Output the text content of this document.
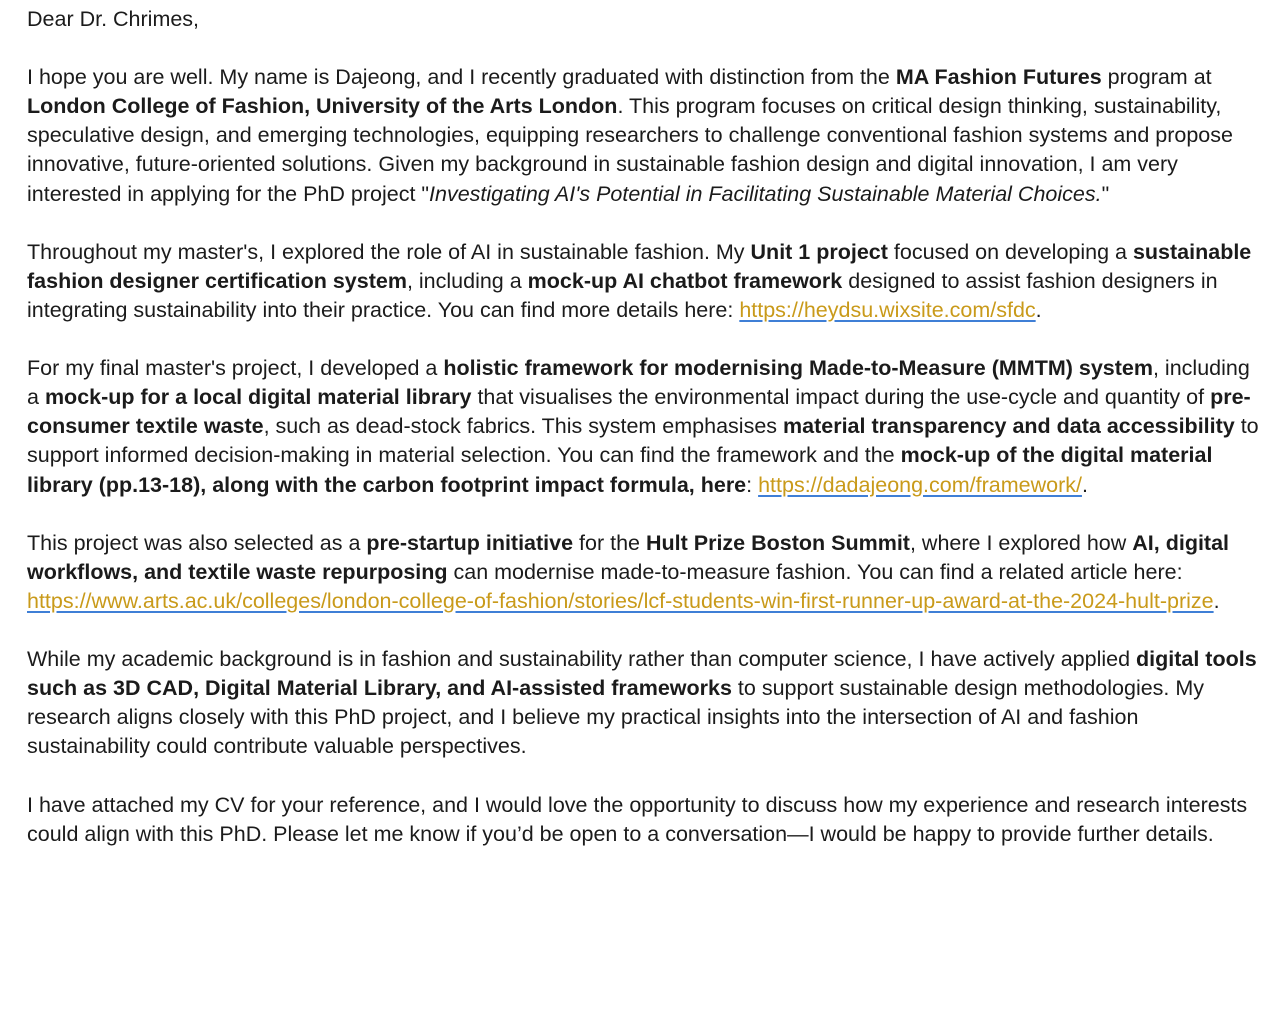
Dear Dr. Chrimes,

I hope you are well. My name is Dajeong, and I recently graduated with distinction from the MA Fashion Futures program at London College of Fashion, University of the Arts London. This program focuses on critical design thinking, sustainability, speculative design, and emerging technologies, equipping researchers to challenge conventional fashion systems and propose innovative, future-oriented solutions. Given my background in sustainable fashion design and digital innovation, I am very interested in applying for the PhD project "Investigating AI's Potential in Facilitating Sustainable Material Choices."

Throughout my master's, I explored the role of AI in sustainable fashion. My Unit 1 project focused on developing a sustainable fashion designer certification system, including a mock-up AI chatbot framework designed to assist fashion designers in integrating sustainability into their practice. You can find more details here: https://heydsu.wixsite.com/sfdc.

For my final master's project, I developed a holistic framework for modernising Made-to-Measure (MMTM) system, including a mock-up for a local digital material library that visualises the environmental impact during the use-cycle and quantity of pre-consumer textile waste, such as dead-stock fabrics. This system emphasises material transparency and data accessibility to support informed decision-making in material selection. You can find the framework and the mock-up of the digital material library (pp.13-18), along with the carbon footprint impact formula, here: https://dadajeong.com/framework/.

This project was also selected as a pre-startup initiative for the Hult Prize Boston Summit, where I explored how AI, digital workflows, and textile waste repurposing can modernise made-to-measure fashion. You can find a related article here: https://www.arts.ac.uk/colleges/london-college-of-fashion/stories/lcf-students-win-first-runner-up-award-at-the-2024-hult-prize.

While my academic background is in fashion and sustainability rather than computer science, I have actively applied digital tools such as 3D CAD, Digital Material Library, and AI-assisted frameworks to support sustainable design methodologies. My research aligns closely with this PhD project, and I believe my practical insights into the intersection of AI and fashion sustainability could contribute valuable perspectives.

I have attached my CV for your reference, and I would love the opportunity to discuss how my experience and research interests could align with this PhD. Please let me know if you’d be open to a conversation—I would be happy to provide further details.
